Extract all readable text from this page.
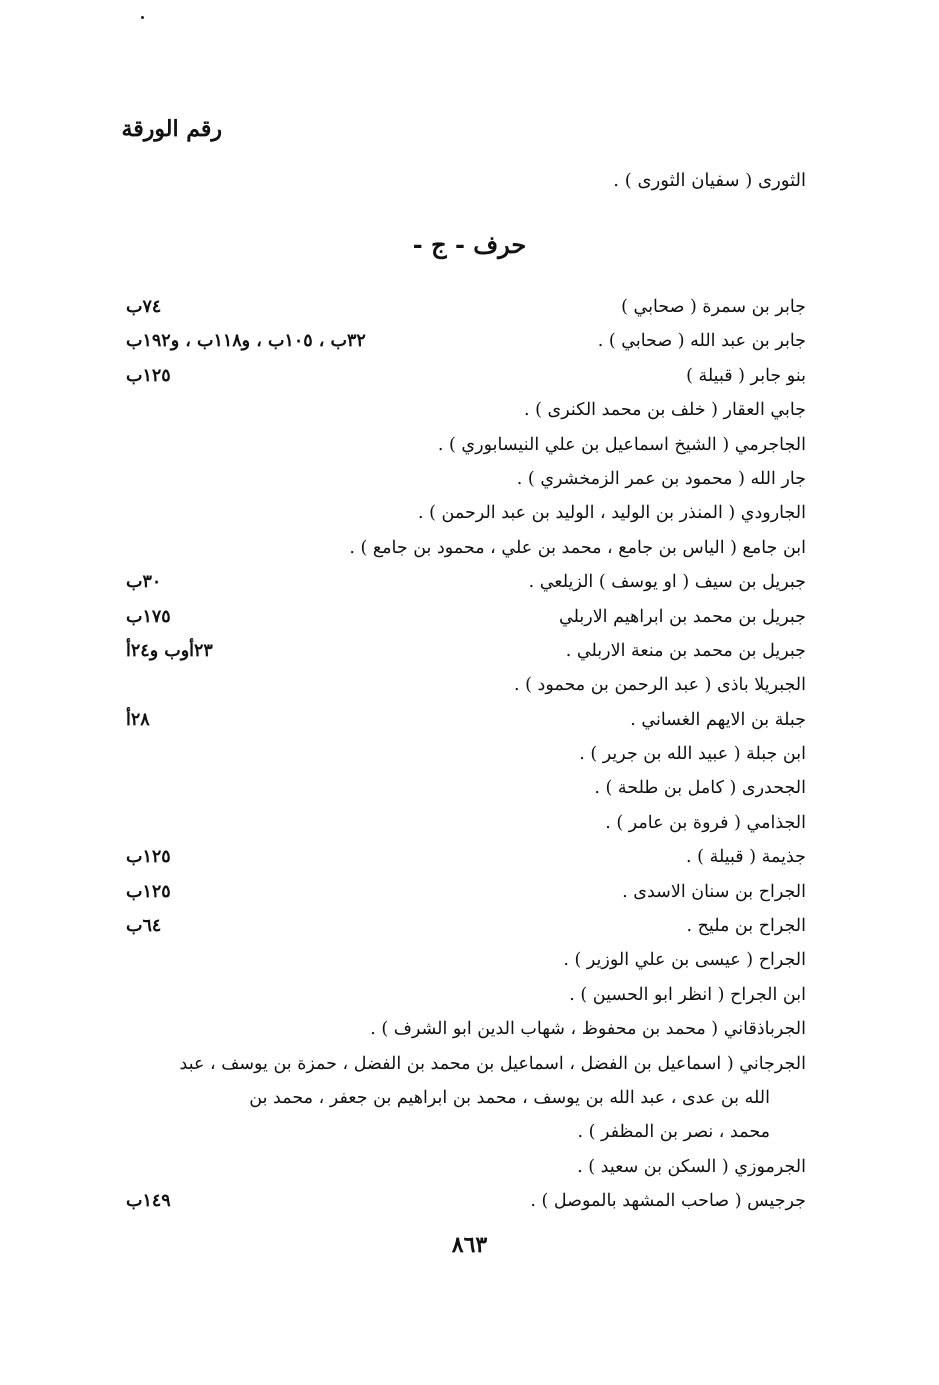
رقم الورقة
الثورى ( سفيان الثورى ) .
حرف - ج -
جابر بن سمرة ( صحابي )
٧٤ب
جابر بن عبد الله ( صحابي ) .
٣٢ب ، ١٠٥ب ، و١١٨ب ، و١٩٢ب
بنو جابر ( قبيلة )
١٢٥ب
جابي العقار ( خلف بن محمد الكنرى ) .
الجاجرمي ( الشيخ اسماعيل بن علي النيسابوري ) .
جار الله ( محمود بن عمر الزمخشري ) .
الجارودي ( المنذر بن الوليد ، الوليد بن عبد الرحمن ) .
ابن جامع ( الياس بن جامع ، محمد بن علي ، محمود بن جامع ) .
جبريل بن سيف ( او يوسف ) الزيلعي .
٣٠ب
جبريل بن محمد بن ابراهيم الاربلي
١٧٥ب
جبريل بن محمد بن منعة الاربلي .
٢٣أوب و٢٤أ
الجبريلا باذى ( عبد الرحمن بن محمود ) .
جبلة بن الايهم الغساني .
٢٨أ
ابن جبلة ( عبيد الله بن جرير ) .
الجحدرى ( كامل بن طلحة ) .
الجذامي ( فروة بن عامر ) .
جذيمة ( قبيلة ) .
١٢٥ب
الجراح بن سنان الاسدى .
١٢٥ب
الجراح بن مليح .
٦٤ب
الجراح ( عيسى بن علي الوزير ) .
ابن الجراح ( انظر ابو الحسين ) .
الجرباذقاني ( محمد بن محفوظ ، شهاب الدين ابو الشرف ) .
الجرجاني ( اسماعيل بن الفضل ، اسماعيل بن محمد بن الفضل ، حمزة بن يوسف ، عبد
الله بن عدى ، عبد الله بن يوسف ، محمد بن ابراهيم بن جعفر ، محمد بن
محمد ، نصر بن المظفر ) .
الجرموزي ( السكن بن سعيد ) .
جرجيس ( صاحب المشهد بالموصل ) .
١٤٩ب
٨٦٣
